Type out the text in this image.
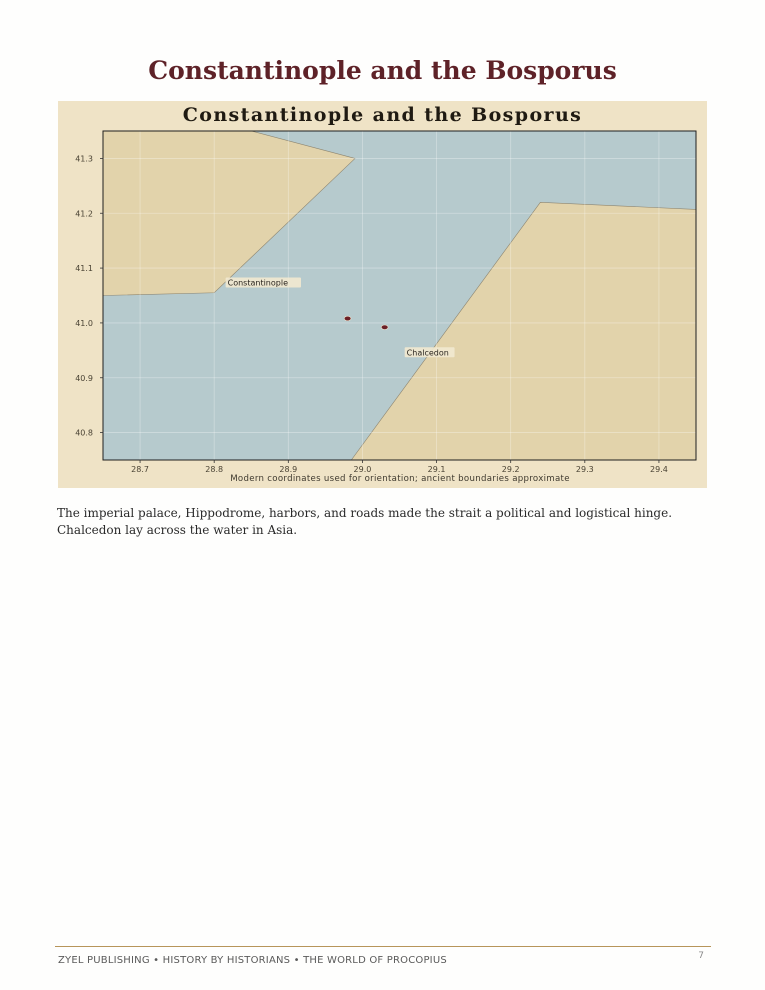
Constantinople and the Bosporus
Constantinople and the Bosporus
28.7	28.8	28.9	29.0	29.1	29.2	29.3	29.4
41.3
41.2
41.1
41.0
40.9
40.8
Constantinople
Chalcedon
Modern coordinates used for orientation; ancient boundaries approximate

The imperial palace, Hippodrome, harbors, and roads made the strait a political and logistical hinge.
Chalcedon lay across the water in Asia.

ZYEL PUBLISHING • HISTORY BY HISTORIANS • THE WORLD OF PROCOPIUS	7
